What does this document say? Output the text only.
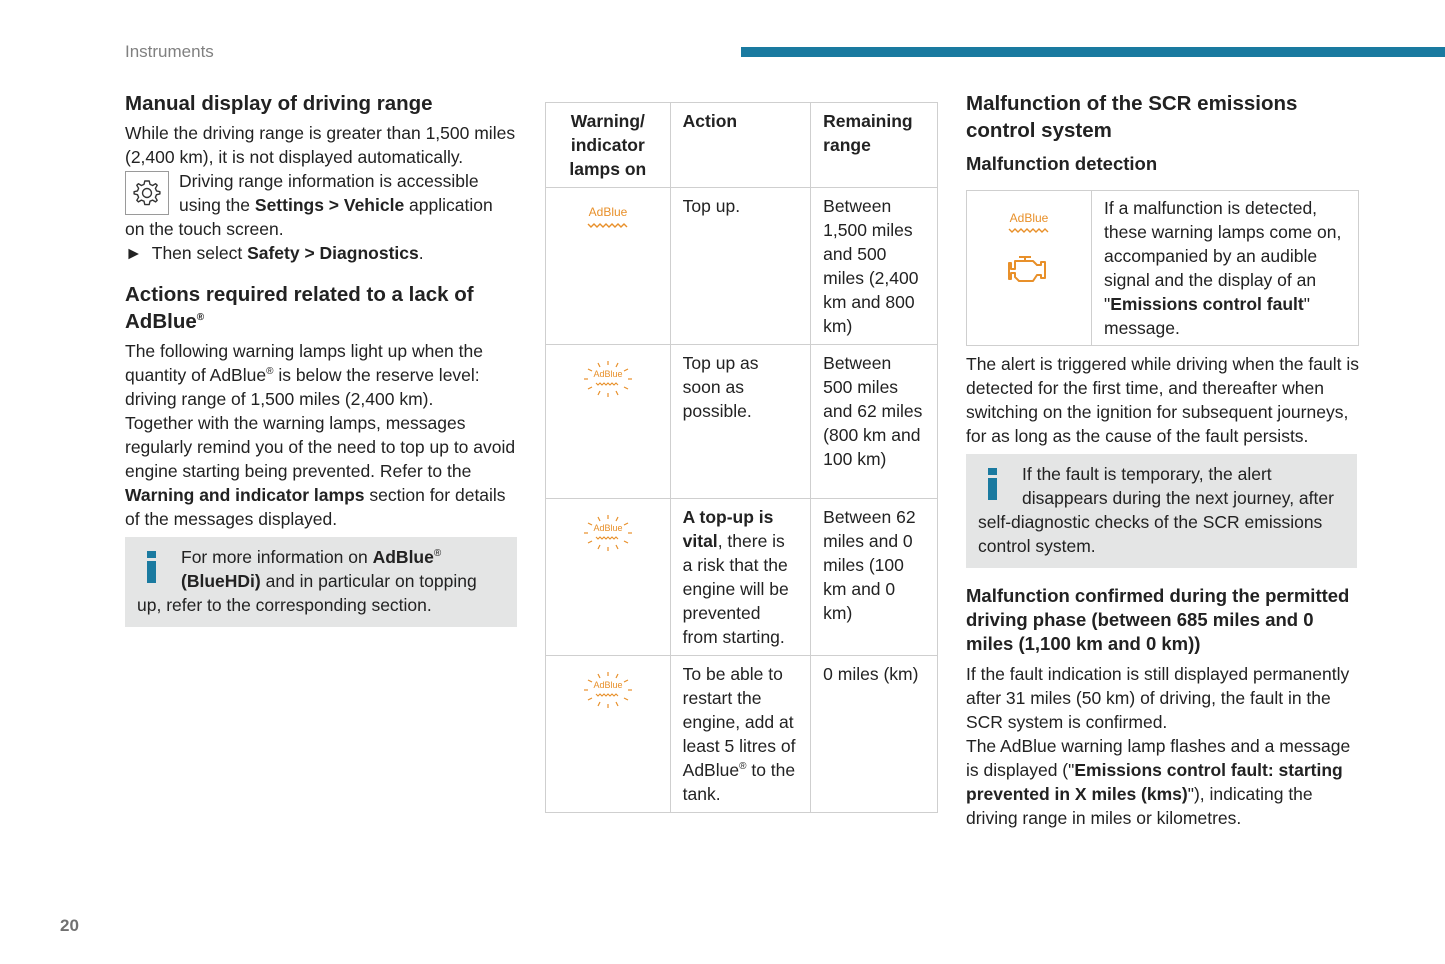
Instruments
20
Manual display of driving range

While the driving range is greater than 1,500 miles (2,400 km), it is not displayed automatically.

Driving range information is accessible using the Settings > Vehicle application on the touch screen.

► Then select Safety > Diagnostics.

Actions required related to a lack of AdBlue®

The following warning lamps light up when the quantity of AdBlue® is below the reserve level: driving range of 1,500 miles (2,400 km).
Together with the warning lamps, messages regularly remind you of the need to top up to avoid engine starting being prevented. Refer to the Warning and indicator lamps section for details of the messages displayed.

For more information on AdBlue® (BlueHDi) and in particular on topping up, refer to the corresponding section.

Warning/ indicator lamps on	Action	Remaining range

AdBlue	Top up.	Between 1,500 miles and 500 miles (2,400 km and 800 km)

AdBlue	Top up as soon as possible.	Between 500 miles and 62 miles (800 km and 100 km)

AdBlue	A top-up is vital, there is a risk that the engine will be prevented from starting.	Between 62 miles and 0 miles (100 km and 0 km)

AdBlue	To be able to restart the engine, add at least 5 litres of AdBlue® to the tank.	0 miles (km)
Malfunction of the SCR emissions control system
Malfunction detection
AdBlue	If a malfunction is detected, these warning lamps come on, accompanied by an audible signal and the display of an "Emissions control fault" message.

The alert is triggered while driving when the fault is detected for the first time, and thereafter when switching on the ignition for subsequent journeys, for as long as the cause of the fault persists.

If the fault is temporary, the alert disappears during the next journey, after self-diagnostic checks of the SCR emissions control system.

Malfunction confirmed during the permitted driving phase (between 685 miles and 0 miles (1,100 km and 0 km))

If the fault indication is still displayed permanently after 31 miles (50 km) of driving, the fault in the SCR system is confirmed.

The AdBlue warning lamp flashes and a message is displayed ("Emissions control fault: starting prevented in X miles (kms)"), indicating the driving range in miles or kilometres.
